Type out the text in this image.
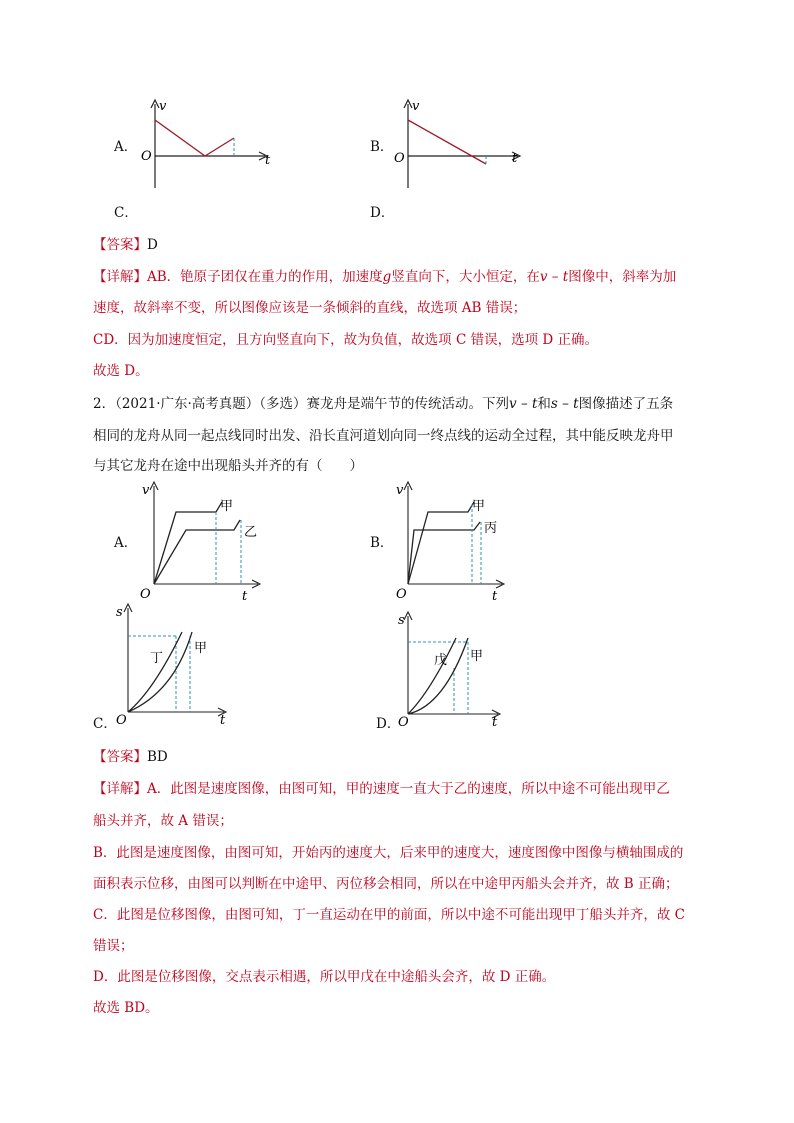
A．
v
O	t
B．
v
O	t
C．	D．
【答案】D
【详解】AB．铯原子团仅在重力的作用，加速度g竖直向下，大小恒定，在v – t图像中，斜率为加
速度，故斜率不变，所以图像应该是一条倾斜的直线，故选项 AB 错误；
CD．因为加速度恒定，且方向竖直向下，故为负值，故选项 C 错误，选项 D 正确。
故选 D。
2．（2021·广东·高考真题）（多选）赛龙舟是端午节的传统活动。下列v – t和s – t图像描述了五条
相同的龙舟从同一起点线同时出发、沿长直河道划向同一终点线的运动全过程，其中能反映龙舟甲
与其它龙舟在途中出现船头并齐的有（　　）
A．
v
O	t
甲
乙
B．
v
O	t
甲
丙
s
O	t
丁
甲
C．
s
O	t
戊 甲
D．
【答案】BD
【详解】A．此图是速度图像，由图可知，甲的速度一直大于乙的速度，所以中途不可能出现甲乙
船头并齐，故 A 错误；
B．此图是速度图像，由图可知，开始丙的速度大，后来甲的速度大，速度图像中图像与横轴围成的
面积表示位移，由图可以判断在中途甲、丙位移会相同，所以在中途甲丙船头会并齐，故 B 正确；
C．此图是位移图像，由图可知，丁一直运动在甲的前面，所以中途不可能出现甲丁船头并齐，故 C
错误；
D．此图是位移图像，交点表示相遇，所以甲戊在中途船头会齐，故 D 正确。
故选 BD。
